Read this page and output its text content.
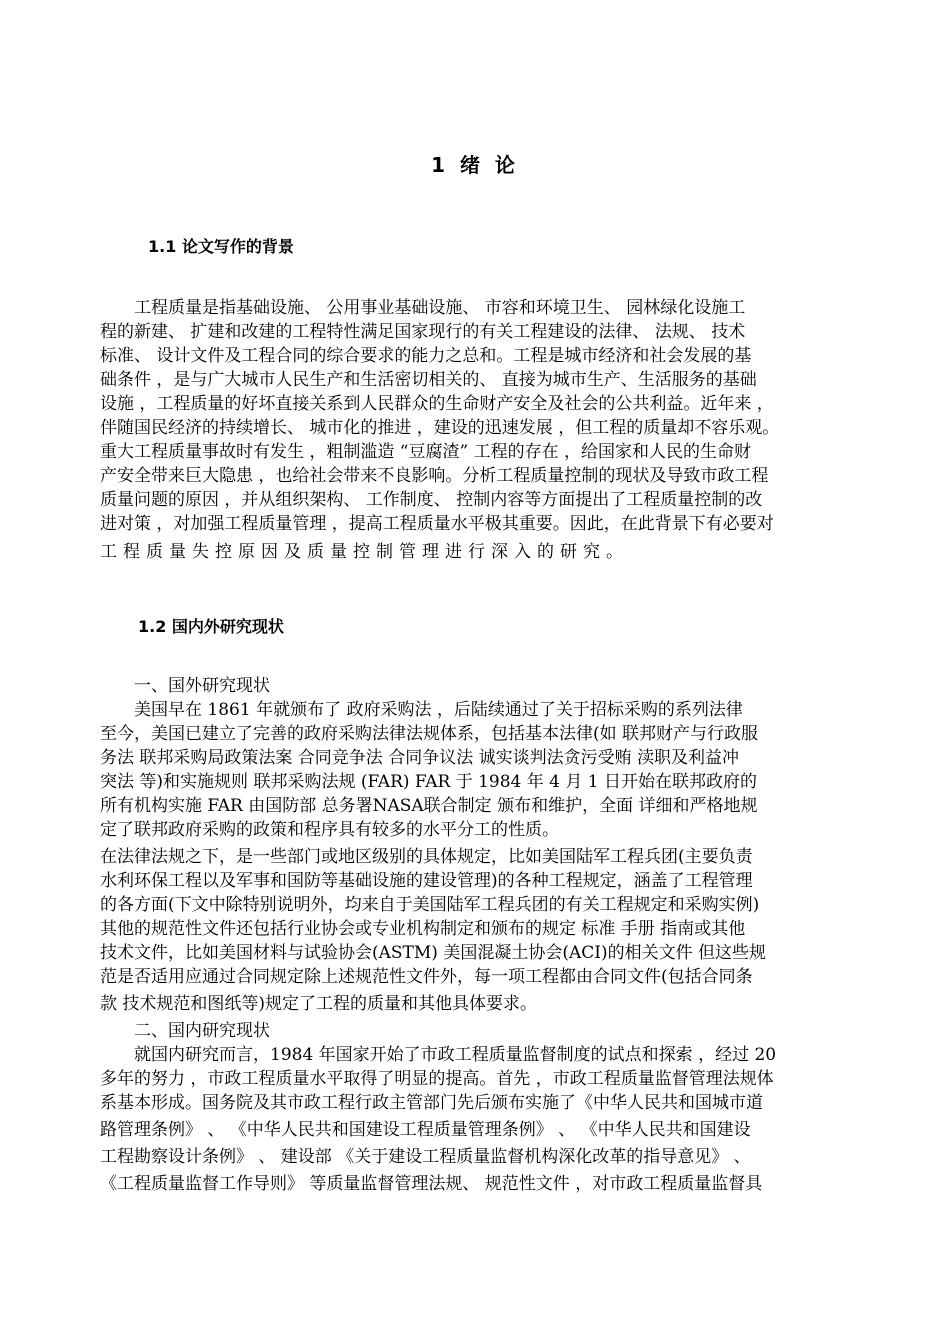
1 绪 论
1.1 论文写作的背景
　　工程质量是指基础设施、 公用事业基础设施、 市容和环境卫生、 园林绿化设施工
程的新建、 扩建和改建的工程特性满足国家现行的有关工程建设的法律、 法规、 技术
标准、 设计文件及工程合同的综合要求的能力之总和。工程是城市经济和社会发展的基
础条件 ，是与广大城市人民生产和生活密切相关的、 直接为城市生产、生活服务的基础
设施 ，工程质量的好坏直接关系到人民群众的生命财产安全及社会的公共利益。近年来 ，
伴随国民经济的持续增长、 城市化的推进 ，建设的迅速发展 ，但工程的质量却不容乐观。
重大工程质量事故时有发生 ，粗制滥造 “豆腐渣” 工程的存在 ，给国家和人民的生命财
产安全带来巨大隐患 ，也给社会带来不良影响。分析工程质量控制的现状及导致市政工程
质量问题的原因 ，并从组织架构、 工作制度、 控制内容等方面提出了工程质量控制的改
进对策 ，对加强工程质量管理 ，提高工程质量水平极其重要。因此，在此背景下有必要对
工程质量失控原因及质量控制管理进行深入的研究。
1.2 国内外研究现状
　　一、国外研究现状
　　美国早在 1861 年就颁布了 政府采购法 ，后陆续通过了关于招标采购的系列法律
至今，美国已建立了完善的政府采购法律法规体系，包括基本法律(如 联邦财产与行政服
务法 联邦采购局政策法案 合同竞争法 合同争议法 诚实谈判法贪污受贿 渎职及利益冲
突法 等)和实施规则 联邦采购法规 (FAR) FAR 于 1984 年 4 月 1 日开始在联邦政府的
所有机构实施 FAR 由国防部 总务署NASA联合制定 颁布和维护，全面 详细和严格地规
定了联邦政府采购的政策和程序具有较多的水平分工的性质。
在法律法规之下，是一些部门或地区级别的具体规定，比如美国陆军工程兵团(主要负责
水利环保工程以及军事和国防等基础设施的建设管理)的各种工程规定，涵盖了工程管理
的各方面(下文中除特别说明外，均来自于美国陆军工程兵团的有关工程规定和采购实例)
其他的规范性文件还包括行业协会或专业机构制定和颁布的规定 标准 手册 指南或其他
技术文件，比如美国材料与试验协会(ASTM) 美国混凝土协会(ACI)的相关文件 但这些规
范是否适用应通过合同规定除上述规范性文件外，每一项工程都由合同文件(包括合同条
款 技术规范和图纸等)规定了工程的质量和其他具体要求。
　　二、国内研究现状
　　就国内研究而言，1984 年国家开始了市政工程质量监督制度的试点和探索 ，经过 20
多年的努力 ，市政工程质量水平取得了明显的提高。首先 ，市政工程质量监督管理法规体
系基本形成。国务院及其市政工程行政主管部门先后颁布实施了《中华人民共和国城市道
路管理条例》 、 《中华人民共和国建设工程质量管理条例》 、 《中华人民共和国建设
工程勘察设计条例》 、 建设部 《关于建设工程质量监督机构深化改革的指导意见》 、
《工程质量监督工作导则》 等质量监督管理法规、 规范性文件 ，对市政工程质量监督具
